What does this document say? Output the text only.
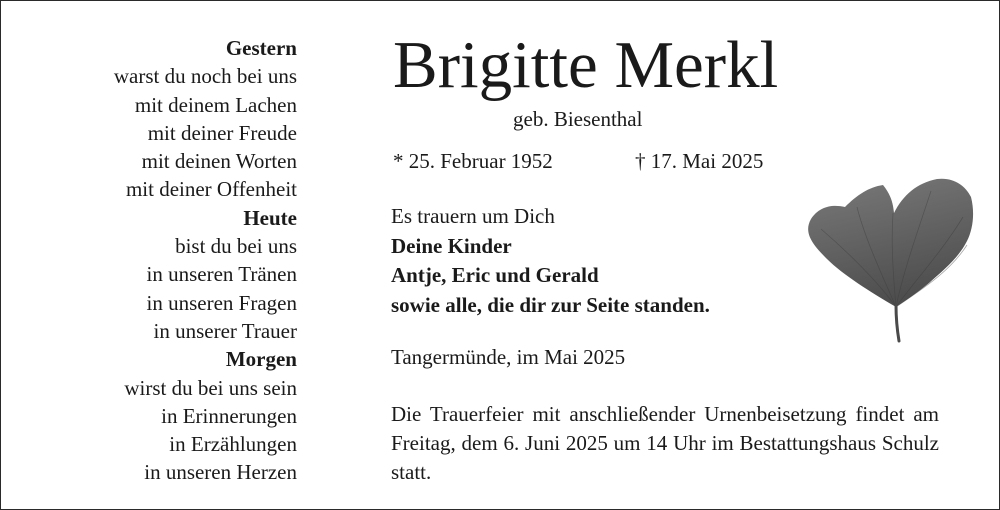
Gestern
warst du noch bei uns
mit deinem Lachen
mit deiner Freude
mit deinen Worten
mit deiner Offenheit
Heute
bist du bei uns
in unseren Tränen
in unseren Fragen
in unserer Trauer
Morgen
wirst du bei uns sein
in Erinnerungen
in Erzählungen
in unseren Herzen
Brigitte Merkl
geb. Biesenthal
* 25. Februar 1952	† 17. Mai 2025
Es trauern um Dich
Deine Kinder
Antje, Eric und Gerald
sowie alle, die dir zur Seite standen.
Tangermünde, im Mai 2025
Die Trauerfeier mit anschließender Urnenbeisetzung findet am Freitag, dem 6. Juni 2025 um 14 Uhr im Bestattungshaus Schulz statt.
